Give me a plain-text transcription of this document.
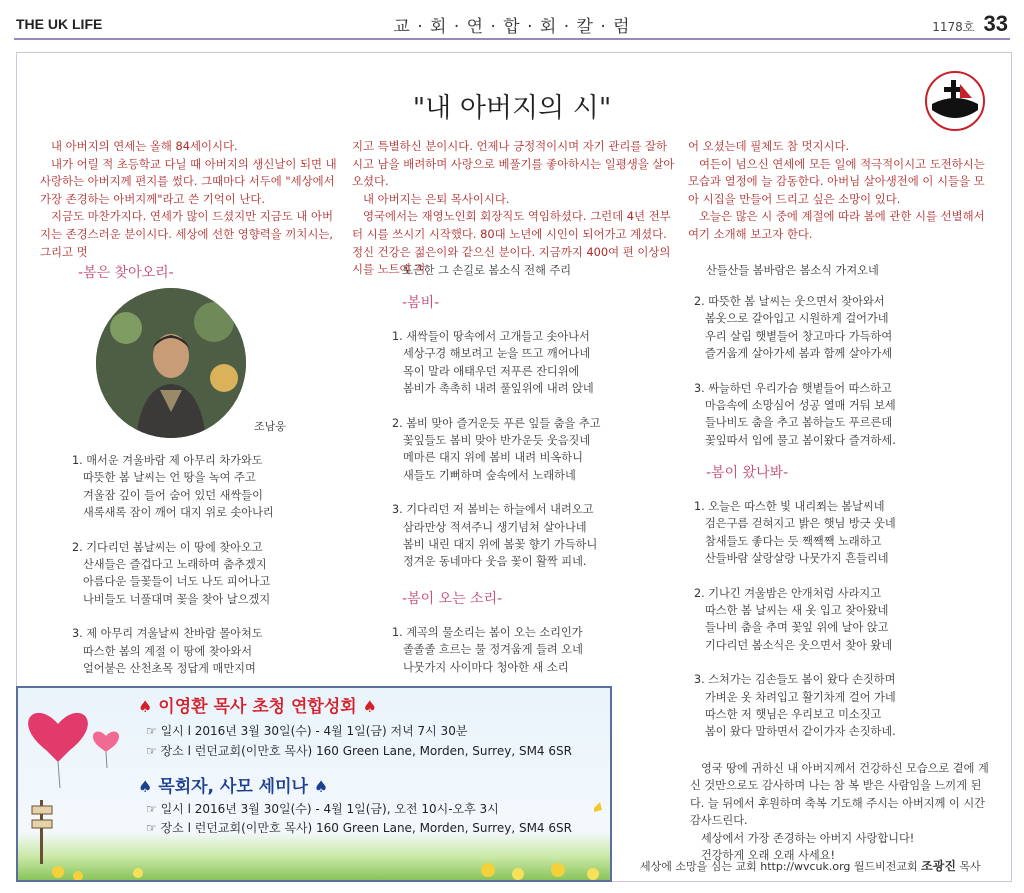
THE UK LIFE	교 · 회 · 연 · 합 · 회 · 칼 · 럼	1178호 33
"내 아버지의 시"

내 아버지의 연세는 올해 84세이시다.

내가 어릴 적 초등학교 다닐 때 아버지의 생신날이 되면 내 사랑하는 아버지께 편지를 썼다. 그때마다 서두에 "세상에서 가장 존경하는 아버지께"라고 쓴 기억이 난다.

지금도 마찬가지다. 연세가 많이 드셨지만 지금도 내 아버지는 존경스러운 분이시다. 세상에 선한 영향력을 끼치시는, 그리고 멋

지고 특별하신 분이시다. 언제나 긍정적이시며 자기 관리를 잘하시고 남을 배려하며 사랑으로 베풀기를 좋아하시는 일평생을 살아오셨다.

내 아버지는 은퇴 목사이시다.

영국에서는 재영노인회 회장직도 역임하셨다. 그런데 4년 전부터 시를 쓰시기 시작했다. 80대 노년에 시인이 되어가고 계셨다. 정신 건강은 젊은이와 같으신 분이다. 지금까지 400여 편 이상의 시를 노트에 적

어 오셨는데 필체도 참 멋지시다.

여든이 넘으신 연세에 모든 일에 적극적이시고 도전하시는 모습과 열정에 늘 감동한다. 아버님 살아생전에 이 시들을 모아 시집을 만들어 드리고 싶은 소망이 있다.

오늘은 많은 시 중에 계절에 따라 봄에 관한 시를 선별해서 여기 소개해 보고자 한다.

-봄은 찾아오리-
조남웅
1. 매서운 겨울바람 제 아무리 차가와도
따뜻한 봄 날씨는 언 땅을 녹여 주고
겨울잠 깊이 들어 숨어 있던 새싹들이
새록새록 잠이 깨어 대지 위로 솟아나리
2. 기다리던 봄날씨는 이 땅에 찾아오고
산새들은 즐겁다고 노래하며 춤추겠지
아름다운 들꽃들이 너도 나도 피어나고
나비들도 너풀대며 꽃을 찾아 날으겠지
3. 제 아무리 겨울날씨 찬바람 몰아쳐도
따스한 봄의 계절 이 땅에 찾아와서
얼어붙은 산천초목 정답게 매만지며
포근한 그 손길로 봄소식 전해 주리
-봄비-
1. 새싹들이 땅속에서 고개들고 솟아나서
세상구경 해보려고 눈을 뜨고 깨어나네
목이 말라 애태우던 저푸른 잔디위에
봄비가 촉촉히 내려 풀잎위에 내려 앉네
2. 봄비 맞아 즐거운듯 푸른 잎들 춤을 추고
꽃잎들도 봄비 맞아 반가운듯 웃음짓네
메마른 대지 위에 봄비 내려 비옥하니
새들도 기뻐하며 숲속에서 노래하네
3. 기다리던 저 봄비는 하늘에서 내려오고
삼라만상 적셔주니 생기넘쳐 살아나네
봄비 내린 대지 위에 봄꽃 향기 가득하니
정겨운 동네마다 웃음 꽃이 활짝 피네.
-봄이 오는 소리-
1. 계곡의 물소리는 봄이 오는 소리인가
졸졸졸 흐르는 물 정겨웁게 들려 오네
나뭇가지 사이마다 청아한 새 소리
산들산들 봄바람은 봄소식 가져오네
2. 따뜻한 봄 날씨는 웃으면서 찾아와서
봄옷으로 갈아입고 시원하게 걸어가네
우리 살림 햇볕들어 창고마다 가득하여
즐거웁게 살아가세 봄과 함께 살아가세
3. 싸늘하던 우리가슴 햇볕들어 따스하고
마음속에 소망심어 성공 열매 거둬 보세
들나비도 춤을 추고 봄하늘도 푸르른데
꽃잎따서 입에 물고 봄이왔다 즐겨하세.
-봄이 왔나봐-
1. 오늘은 따스한 빛 내리쬐는 봄날씨네
검은구름 걷혀지고 밝은 햇님 방긋 웃네
참새들도 좋다는 듯 짹짹짹 노래하고
산들바람 살랑살랑 나뭇가지 흔들리네
2. 기나긴 겨울밤은 안개처럼 사라지고
따스한 봄 날씨는 새 옷 입고 찾아왔네
들나비 춤을 추며 꽃잎 위에 날아 앉고
기다리던 봄소식은 웃으면서 찾아 왔네
3. 스쳐가는 김손들도 봄이 왔다 손짓하며
가벼운 옷 차려입고 활기차게 걸어 가네
따스한 저 햇님은 우리보고 미소짓고
봄이 왔다 말하면서 같이가자 손짓하네.

영국 땅에 귀하신 내 아버지께서 건강하신 모습으로 곁에 계신 것만으로도 감사하며 나는 참 복 받은 사람임을 느끼게 된다. 늘 뒤에서 후원하며 축복 기도해 주시는 아버지께 이 시간 감사드린다.

세상에서 가장 존경하는 아버지 사랑합니다!

건강하게 오래 오래 사세요!

세상에 소망을 심는 교회 http://wvcuk.org 월드비전교회 조광진 목사
♠ 이영환 목사 초청 연합성회 ♠
☞ 일시 l 2016년 3월 30일(수) - 4월 1일(금) 저녁 7시 30분
☞ 장소 l 런던교회(이만호 목사) 160 Green Lane, Morden, Surrey, SM4 6SR
♠ 목회자, 사모 세미나 ♠
☞ 일시 l 2016년 3월 30일(수) - 4월 1일(금), 오전 10시-오후 3시
☞ 장소 l 런던교회(이만호 목사) 160 Green Lane, Morden, Surrey, SM4 6SR
